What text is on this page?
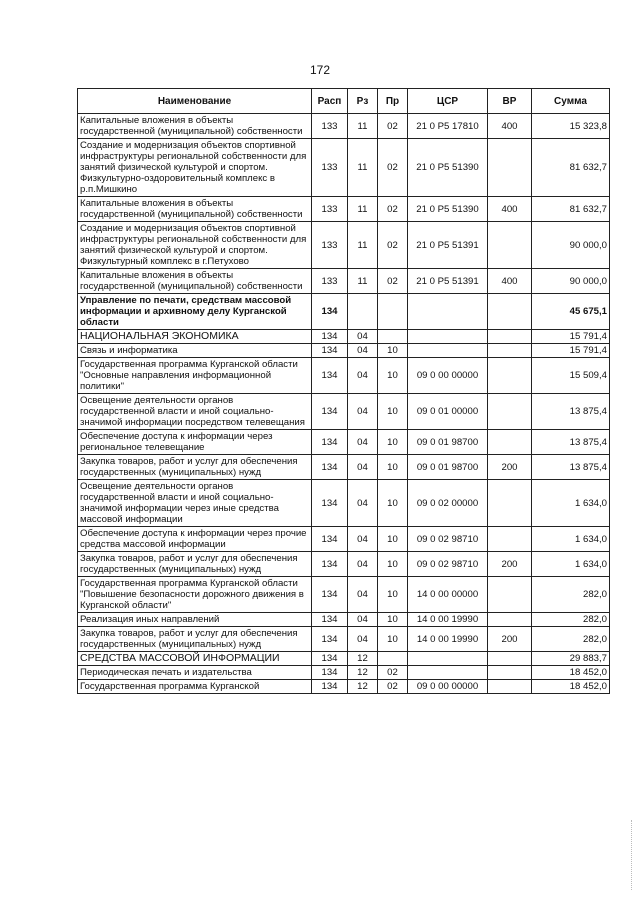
172
Наименование	Расп	Рз	Пр	ЦСР	ВР	Сумма
Капитальные вложения в объекты государственной (муниципальной) собственности	133	11	02	21 0 Р5 17810	400	15 323,8
Создание и модернизация объектов спортивной инфраструктуры региональной собственности для занятий физической культурой и спортом. Физкультурно-оздоровительный комплекс в р.п.Мишкино	133	11	02	21 0 Р5 51390		81 632,7
Капитальные вложения в объекты государственной (муниципальной) собственности	133	11	02	21 0 Р5 51390	400	81 632,7
Создание и модернизация объектов спортивной инфраструктуры региональной собственности для занятий физической культурой и спортом. Физкультурный комплекс в г.Петухово	133	11	02	21 0 Р5 51391		90 000,0
Капитальные вложения в объекты государственной (муниципальной) собственности	133	11	02	21 0 Р5 51391	400	90 000,0
Управление по печати, средствам массовой информации и архивному делу Курганской области	134					45 675,1
НАЦИОНАЛЬНАЯ ЭКОНОМИКА	134	04				15 791,4
Связь и информатика	134	04	10			15 791,4
Государственная программа Курганской области "Основные направления информационной политики"	134	04	10	09 0 00 00000		15 509,4
Освещение деятельности органов государственной власти и иной социально-значимой информации посредством телевещания	134	04	10	09 0 01 00000		13 875,4
Обеспечение доступа к информации через региональное телевещание	134	04	10	09 0 01 98700		13 875,4
Закупка товаров, работ и услуг для обеспечения государственных (муниципальных) нужд	134	04	10	09 0 01 98700	200	13 875,4
Освещение деятельности органов государственной власти и иной социально-значимой информации через иные средства массовой информации	134	04	10	09 0 02 00000		1 634,0
Обеспечение доступа к информации через прочие средства массовой информации	134	04	10	09 0 02 98710		1 634,0
Закупка товаров, работ и услуг для обеспечения государственных (муниципальных) нужд	134	04	10	09 0 02 98710	200	1 634,0
Государственная программа Курганской области "Повышение безопасности дорожного движения в Курганской области"	134	04	10	14 0 00 00000		282,0
Реализация иных направлений	134	04	10	14 0 00 19990		282,0
Закупка товаров, работ и услуг для обеспечения государственных (муниципальных) нужд	134	04	10	14 0 00 19990	200	282,0
СРЕДСТВА МАССОВОЙ ИНФОРМАЦИИ	134	12				29 883,7
Периодическая печать и издательства	134	12	02			18 452,0
Государственная программа Курганской	134	12	02	09 0 00 00000		18 452,0
